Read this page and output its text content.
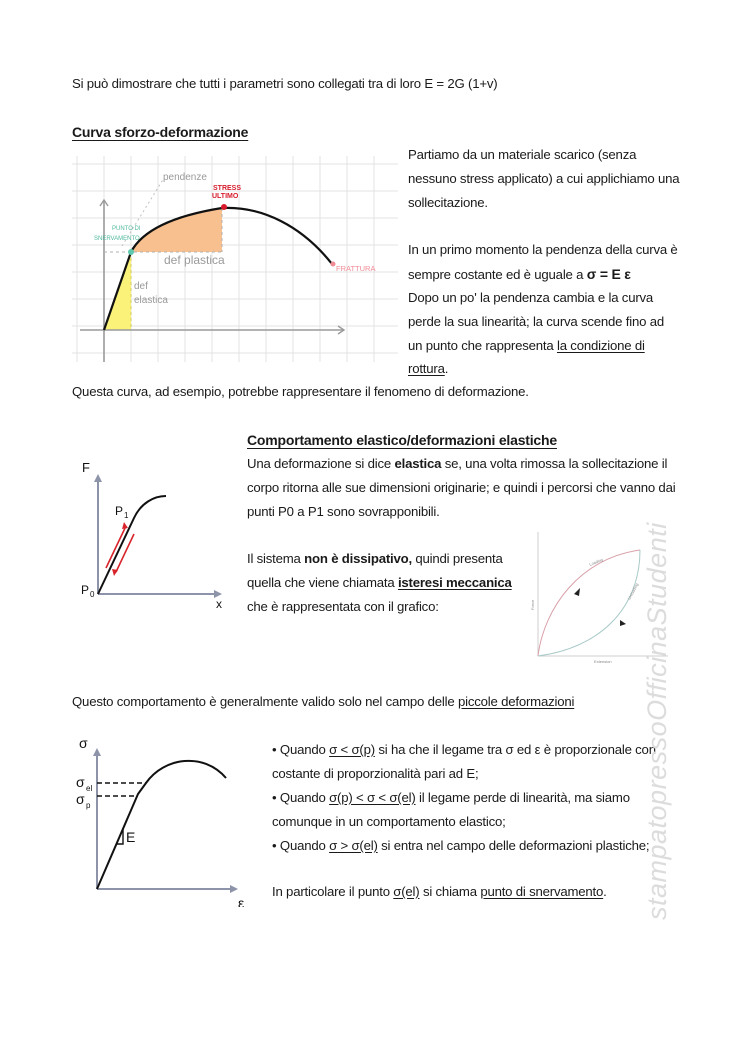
Si può dimostrare che tutti i parametri sono collegati tra di loro E = 2G (1+v)
Curva sforzo-deformazione
pendenze
STRESS
ULTIMO
PUNTO DI
SNERVAMENTO
def plastica
def
elastica
FRATTURA
Partiamo da un materiale scarico (senza
nessuno stress applicato) a cui applichiamo una
sollecitazione.
In un primo momento la pendenza della curva è
sempre costante ed è uguale a σ = E ε
Dopo un po' la pendenza cambia e la curva
perde la sua linearità; la curva scende fino ad
un punto che rappresenta la condizione di
rottura.
Questa curva, ad esempio, potrebbe rappresentare il fenomeno di deformazione.
Comportamento elastico/deformazioni elastiche
Una deformazione si dice elastica se, una volta rimossa la sollecitazione il
corpo ritorna alle sue dimensioni originarie; e quindi i percorsi che vanno dai
punti P0 a P1 sono sovrapponibili.
Il sistema non è dissipativo, quindi presenta
quella che viene chiamata isteresi meccanica
che è rappresentata con il grafico:
F
x
P 0
P 1
Loading
Unloading
Force
Extension
Questo comportamento è generalmente valido solo nel campo delle piccole deformazioni
σ
ε
σ el
σ p
E
• Quando σ < σ(p) si ha che il legame tra σ ed ε è proporzionale con
costante di proporzionalità pari ad E;
• Quando σ(p) < σ < σ(el) il legame perde di linearità, ma siamo
comunque in un comportamento elastico;
• Quando σ > σ(el) si entra nel campo delle deformazioni plastiche;
In particolare il punto σ(el) si chiama punto di snervamento. stampatopressoOfficinaStudenti
